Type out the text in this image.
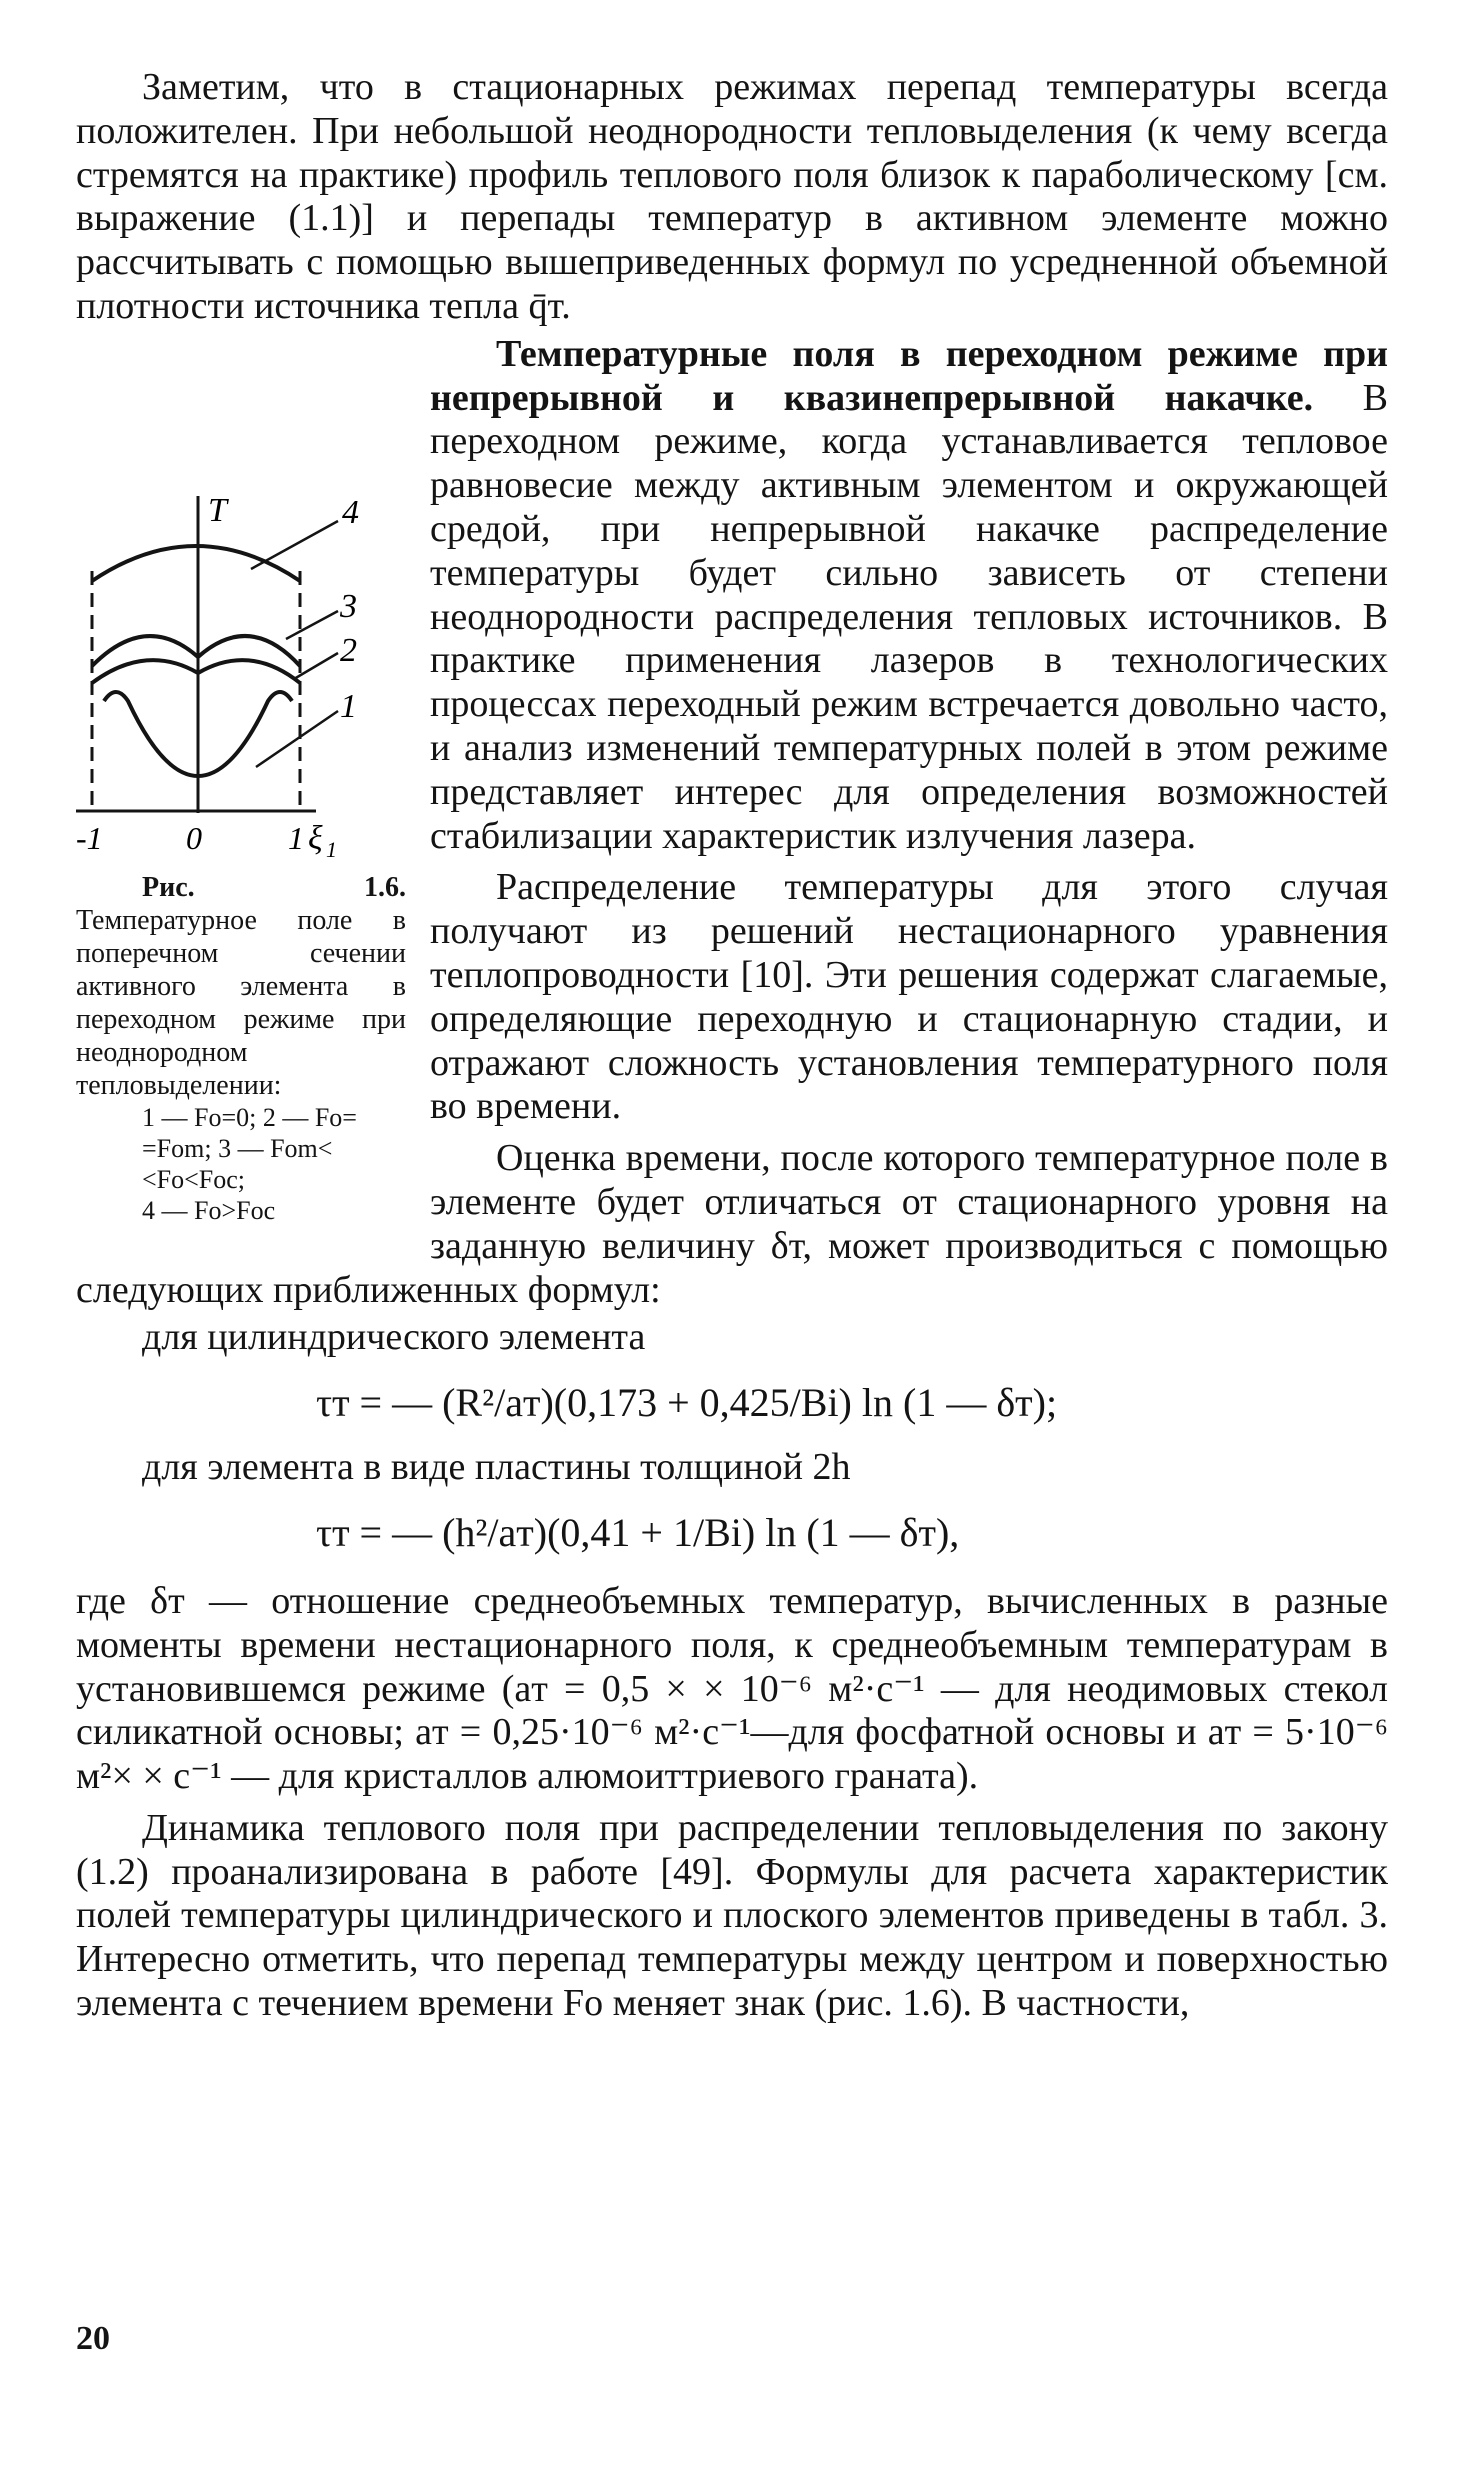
Заметим, что в стационарных режимах перепад температуры всегда положителен. При небольшой неоднородности тепловыделения (к чему всегда стремятся на практике) профиль теплового поля близок к параболическому [см. выражение (1.1)] и перепады температур в активном элементе можно рассчитывать с помощью вышеприведенных формул по усредненной объемной плотности источника тепла q̄т.

T	4
3
2
1
-1	0	1 ξ 1
Рис. 1.6. Температурное поле в поперечном сечении активного элемента в переходном режиме при неоднородном тепловыделении:
1 — Fo=0; 2 — Fo=
=Fom; 3 — Fom<
<Fo<Foc;
4 — Fo>Foc
Температурные поля в переходном режиме при непрерывной и квазинепрерывной накачке. В переходном режиме, когда устанавливается тепловое равновесие между активным элементом и окружающей средой, при непрерывной накачке распределение температуры будет сильно зависеть от степени неоднородности распределения тепловых источников. В практике применения лазеров в технологических процессах переходный режим встречается довольно часто, и анализ изменений температурных полей в этом режиме представляет интерес для определения возможностей стабилизации характеристик излучения лазера.

Распределение температуры для этого случая получают из решений нестационарного уравнения теплопроводности [10]. Эти решения содержат слагаемые, определяющие переходную и стационарную стадии, и отражают сложность установления температурного поля во времени.

Оценка времени, после которого температурное поле в элементе будет отличаться от стационарного уровня на заданную величину δт, может производиться с помощью следующих приближенных формул:

для цилиндрического элемента

τт = — (R²/aт)(0,173 + 0,425/Bi) ln (1 — δт);

для элемента в виде пластины толщиной 2h

τт = — (h²/aт)(0,41 + 1/Bi) ln (1 — δт),

где δт — отношение среднеобъемных температур, вычисленных в разные моменты времени нестационарного поля, к среднеобъемным температурам в установившемся режиме (aт = 0,5 × × 10⁻⁶ м²·с⁻¹ — для неодимовых стекол силикатной основы; aт = 0,25·10⁻⁶ м²·с⁻¹—для фосфатной основы и aт = 5·10⁻⁶ м²× × с⁻¹ — для кристаллов алюмоиттриевого граната).

Динамика теплового поля при распределении тепловыделения по закону (1.2) проанализирована в работе [49]. Формулы для расчета характеристик полей температуры цилиндрического и плоского элементов приведены в табл. 3. Интересно отметить, что перепад температуры между центром и поверхностью элемента с течением времени Fo меняет знак (рис. 1.6). В частности,

20
